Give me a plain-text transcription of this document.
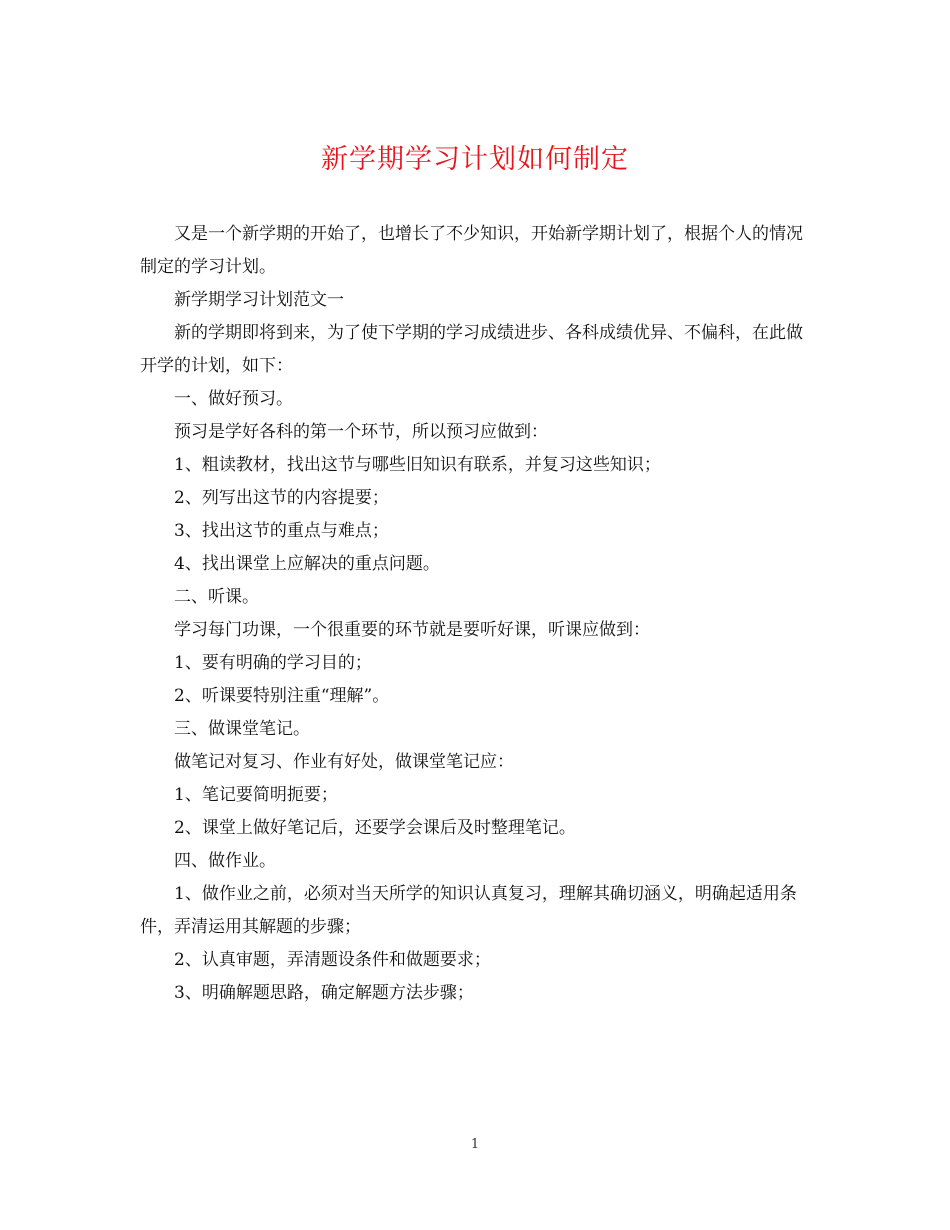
新学期学习计划如何制定

又是一个新学期的开始了，也增长了不少知识，开始新学期计划了，根据个人的情况制定的学习计划。

新学期学习计划范文一

新的学期即将到来，为了使下学期的学习成绩进步、各科成绩优异、不偏科，在此做开学的计划，如下：

一、做好预习。

预习是学好各科的第一个环节，所以预习应做到：

1、粗读教材，找出这节与哪些旧知识有联系，并复习这些知识；

2、列写出这节的内容提要；

3、找出这节的重点与难点；

4、找出课堂上应解决的重点问题。

二、听课。

学习每门功课，一个很重要的环节就是要听好课，听课应做到：

1、要有明确的学习目的；

2、听课要特别注重“理解”。

三、做课堂笔记。

做笔记对复习、作业有好处，做课堂笔记应：

1、笔记要简明扼要；

2、课堂上做好笔记后，还要学会课后及时整理笔记。

四、做作业。

1、做作业之前，必须对当天所学的知识认真复习，理解其确切涵义，明确起适用条件，弄清运用其解题的步骤；

2、认真审题，弄清题设条件和做题要求；

3、明确解题思路，确定解题方法步骤；

1
